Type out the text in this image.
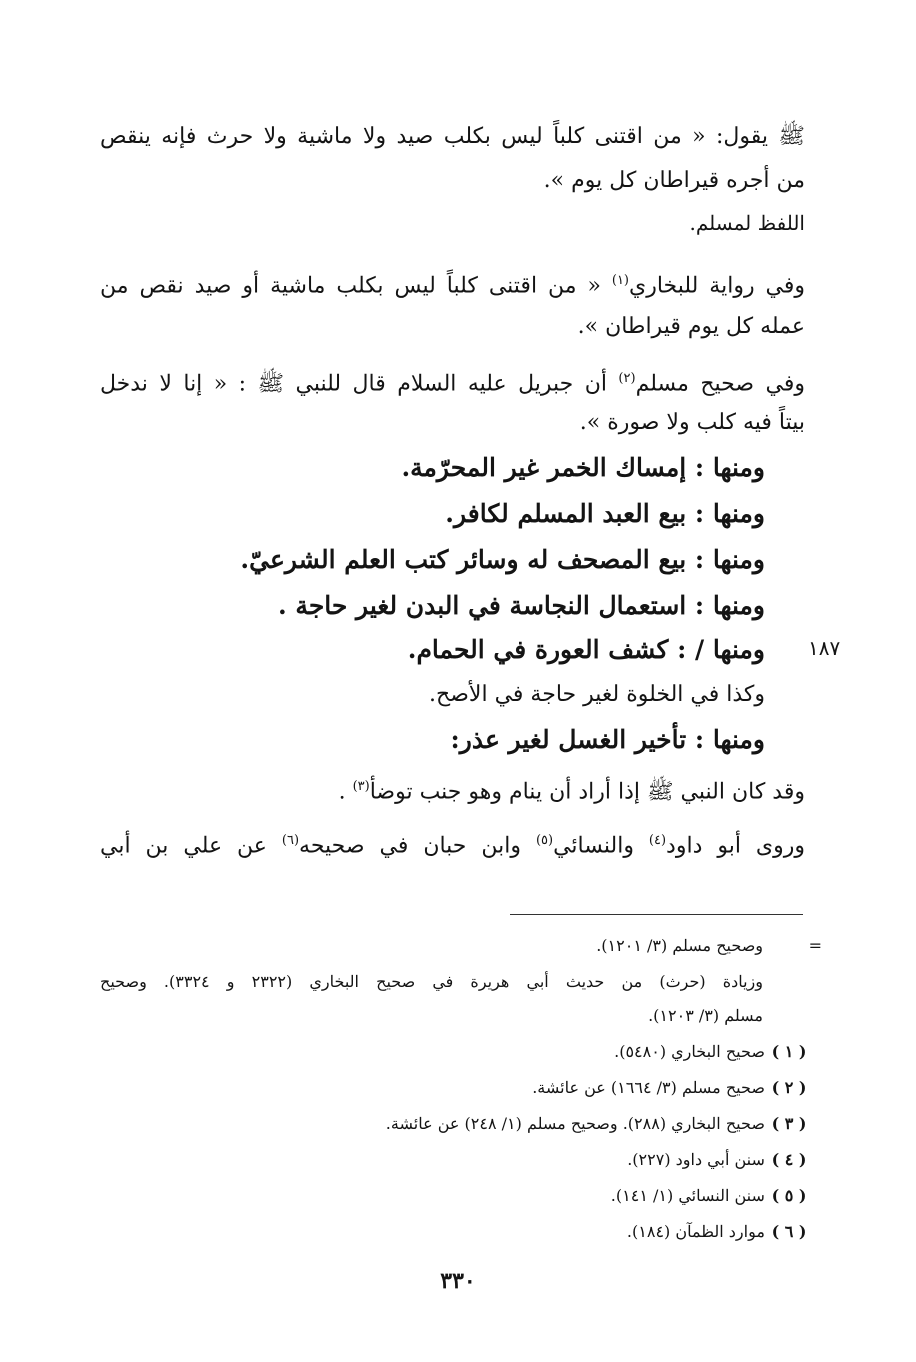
١٨٧
ﷺ يقول: « من اقتنى كلباً ليس بكلب صيد ولا ماشية ولا حرث فإنه ينقص
من أجره قيراطان كل يوم ».
اللفظ لمسلم.
وفي رواية للبخاري$^{(١)}$ « من اقتنى كلباً ليس بكلب ماشية أو صيد نقص من
عمله كل يوم قيراطان ».
وفي صحيح مسلم$^{(٢)}$ أن جبريل عليه السلام قال للنبي ﷺ : « إنا لا ندخل
بيتاً فيه كلب ولا صورة ».
ومنها : إمساك الخمر غير المحرّمة.
ومنها : بيع العبد المسلم لكافر.
ومنها : بيع المصحف له وسائر كتب العلم الشرعيّ.
ومنها : استعمال النجاسة في البدن لغير حاجة .
ومنها / : كشف العورة في الحمام.
وكذا في الخلوة لغير حاجة في الأصح.
ومنها : تأخير الغسل لغير عذر:
وقد كان النبي ﷺ إذا أراد أن ينام وهو جنب توضأ$^{(٣)}$ .
وروى أبو داود$^{(٤)}$ والنسائي$^{(٥)}$ وابن حبان في صحيحه$^{(٦)}$ عن علي بن أبي
=
وصحيح مسلم (٣/ ١٢٠١).
وزيادة (حرث) من حديث أبي هريرة في صحيح البخاري (٢٣٢٢ و ٣٣٢٤). وصحيح
مسلم (٣/ ١٢٠٣).
( ١ ) صحيح البخاري (٥٤٨٠).
( ٢ ) صحيح مسلم (٣/ ١٦٦٤) عن عائشة.
( ٣ ) صحيح البخاري (٢٨٨). وصحيح مسلم (١/ ٢٤٨) عن عائشة.
( ٤ ) سنن أبي داود (٢٢٧).
( ٥ ) سنن النسائي (١/ ١٤١).
( ٦ ) موارد الظمآن (١٨٤).
٣٣٠
